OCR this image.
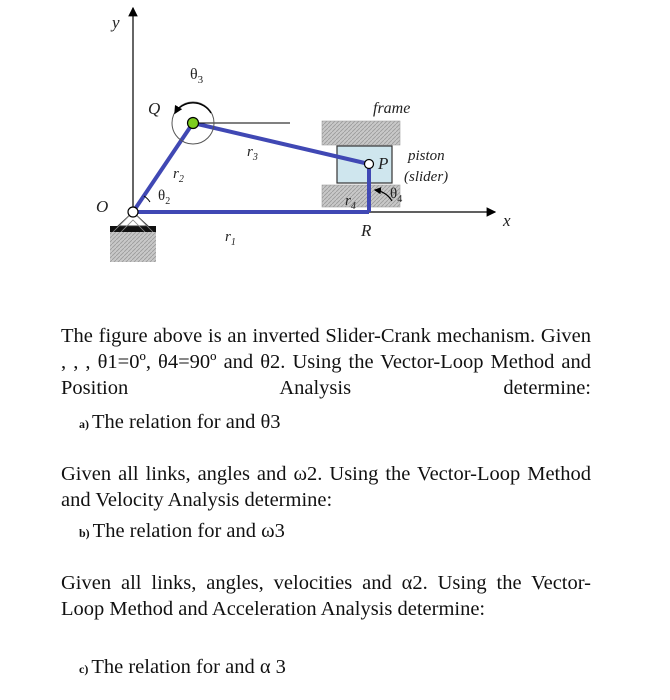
y
x
O
Q
P
R
$\theta_3$
$\theta_2$	$\theta_4$
$r_1$
$r_2$
$r_3$
$r_4$
frame
piston
(slider)
The figure above is an inverted Slider-Crank mechanism. Given , , , θ1=0º, θ4=90º and θ2. Using the Vector-Loop Method and Position Analysis determine:
a) The relation for and θ3
Given all links, angles and ω2. Using the Vector-Loop Method and Velocity Analysis determine:
b) The relation for and ω3
Given all links, angles, velocities and α2. Using the Vector-Loop Method and Acceleration Analysis determine:
c) The relation for and α 3
